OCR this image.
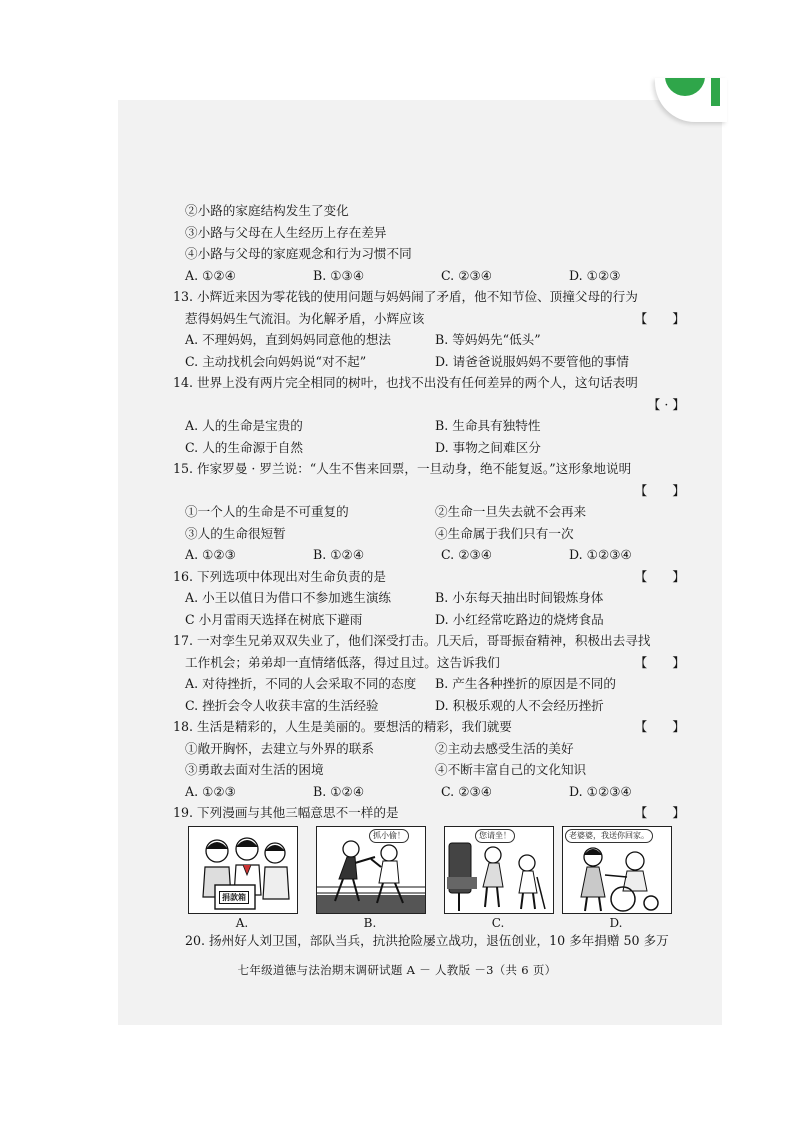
②小路的家庭结构发生了变化
③小路与父母在人生经历上存在差异
④小路与父母的家庭观念和行为习惯不同
A. ①②④	B. ①③④	C. ②③④	D. ①②③
13. 小辉近来因为零花钱的使用问题与妈妈闹了矛盾，他不知节俭、顶撞父母的行为
惹得妈妈生气流泪。为化解矛盾，小辉应该	【　　】
A. 不理妈妈，直到妈妈同意他的想法	B. 等妈妈先“低头”
C. 主动找机会向妈妈说“对不起”	D. 请爸爸说服妈妈不要管他的事情
14. 世界上没有两片完全相同的树叶，也找不出没有任何差异的两个人，这句话表明
【 · 】
A. 人的生命是宝贵的	B. 生命具有独特性
C. 人的生命源于自然	D. 事物之间难区分
15. 作家罗曼 · 罗兰说：“人生不售来回票，一旦动身，绝不能复返。”这形象地说明
【　　】
①一个人的生命是不可重复的	②生命一旦失去就不会再来
③人的生命很短暂	④生命属于我们只有一次
A. ①②③	B. ①②④	C. ②③④	D. ①②③④
16. 下列选项中体现出对生命负责的是	【　　】
A. 小王以值日为借口不参加逃生演练	B. 小东每天抽出时间锻炼身体
C 小月雷雨天选择在树底下避雨	D. 小红经常吃路边的烧烤食品
17. 一对孪生兄弟双双失业了，他们深受打击。几天后，哥哥振奋精神，积极出去寻找
工作机会；弟弟却一直情绪低落，得过且过。这告诉我们	【　　】
A. 对待挫折，不同的人会采取不同的态度	B. 产生各种挫折的原因是不同的
C. 挫折会令人收获丰富的生活经验	D. 积极乐观的人不会经历挫折
18. 生活是精彩的，人生是美丽的。要想活的精彩，我们就要	【　　】
①敞开胸怀，去建立与外界的联系	②主动去感受生活的美好
③勇敢去面对生活的困境	④不断丰富自己的文化知识
A. ①②③	B. ①②④	C. ②③④	D. ①②③④
19. 下列漫画与其他三幅意思不一样的是	【　　】
捐款箱
A.
抓小偷！
B.
您请坐！
C.
老婆婆，我送你回家。
D.
20. 扬州好人刘卫国，部队当兵，抗洪抢险屡立战功，退伍创业，10 多年捐赠 50 多万
七年级道德与法治期末调研试题 A － 人教版 －3（共 6 页）
